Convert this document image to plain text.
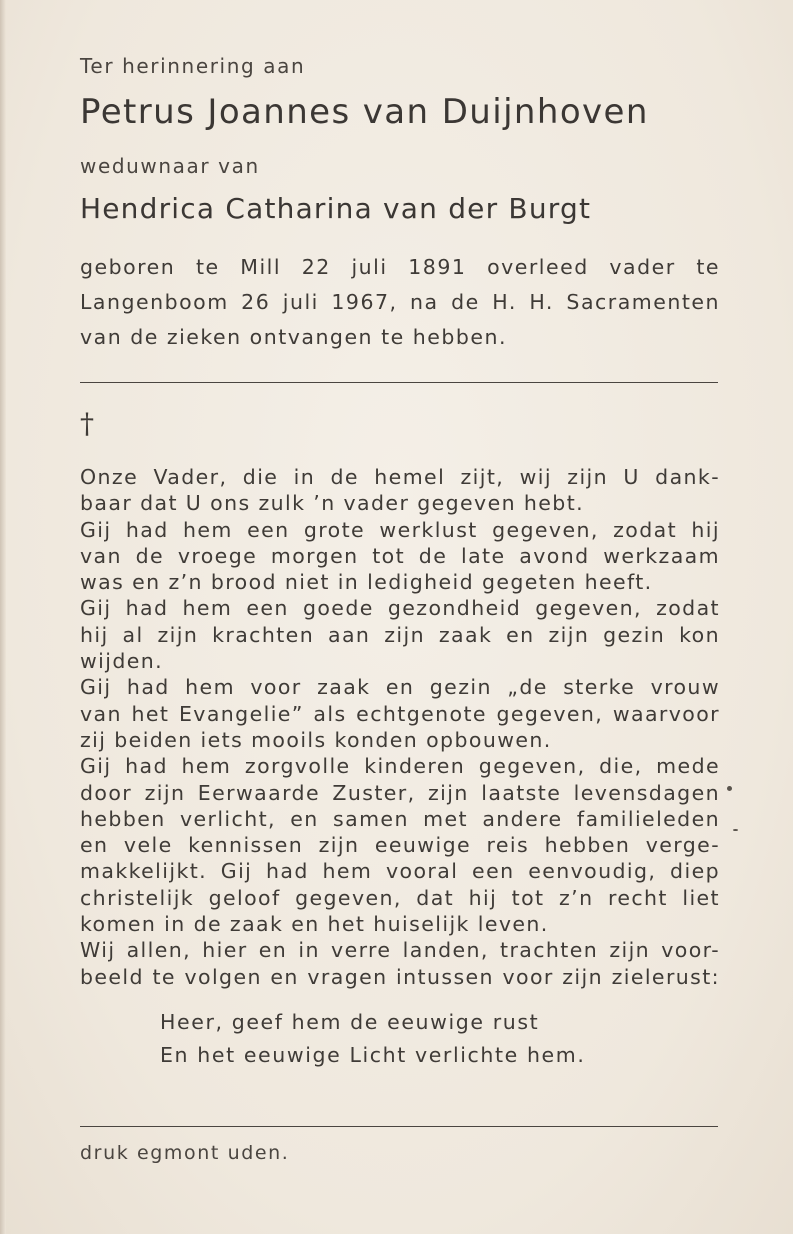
Ter herinnering aan
Petrus Joannes van Duijnhoven
weduwnaar van
Hendrica Catharina van der Burgt
geboren te Mill 22 juli 1891 overleed vader te
Langenboom 26 juli 1967, na de H. H. Sacramenten
van de zieken ontvangen te hebben.
†
Onze Vader, die in de hemel zijt, wij zijn U dank-
baar dat U ons zulk ’n vader gegeven hebt.
Gij had hem een grote werklust gegeven, zodat hij
van de vroege morgen tot de late avond werkzaam
was en z’n brood niet in ledigheid gegeten heeft.
Gij had hem een goede gezondheid gegeven, zodat
hij al zijn krachten aan zijn zaak en zijn gezin kon
wijden.
Gij had hem voor zaak en gezin „de sterke vrouw
van het Evangelie” als echtgenote gegeven, waarvoor
zij beiden iets mooils konden opbouwen.
Gij had hem zorgvolle kinderen gegeven, die, mede
door zijn Eerwaarde Zuster, zijn laatste levensdagen
hebben verlicht, en samen met andere familieleden
en vele kennissen zijn eeuwige reis hebben verge-
makkelijkt. Gij had hem vooral een eenvoudig, diep
christelijk geloof gegeven, dat hij tot z’n recht liet
komen in de zaak en het huiselijk leven.
Wij allen, hier en in verre landen, trachten zijn voor-
beeld te volgen en vragen intussen voor zijn zielerust:
Heer, geef hem de eeuwige rust
En het eeuwige Licht verlichte hem.
druk egmont uden.
